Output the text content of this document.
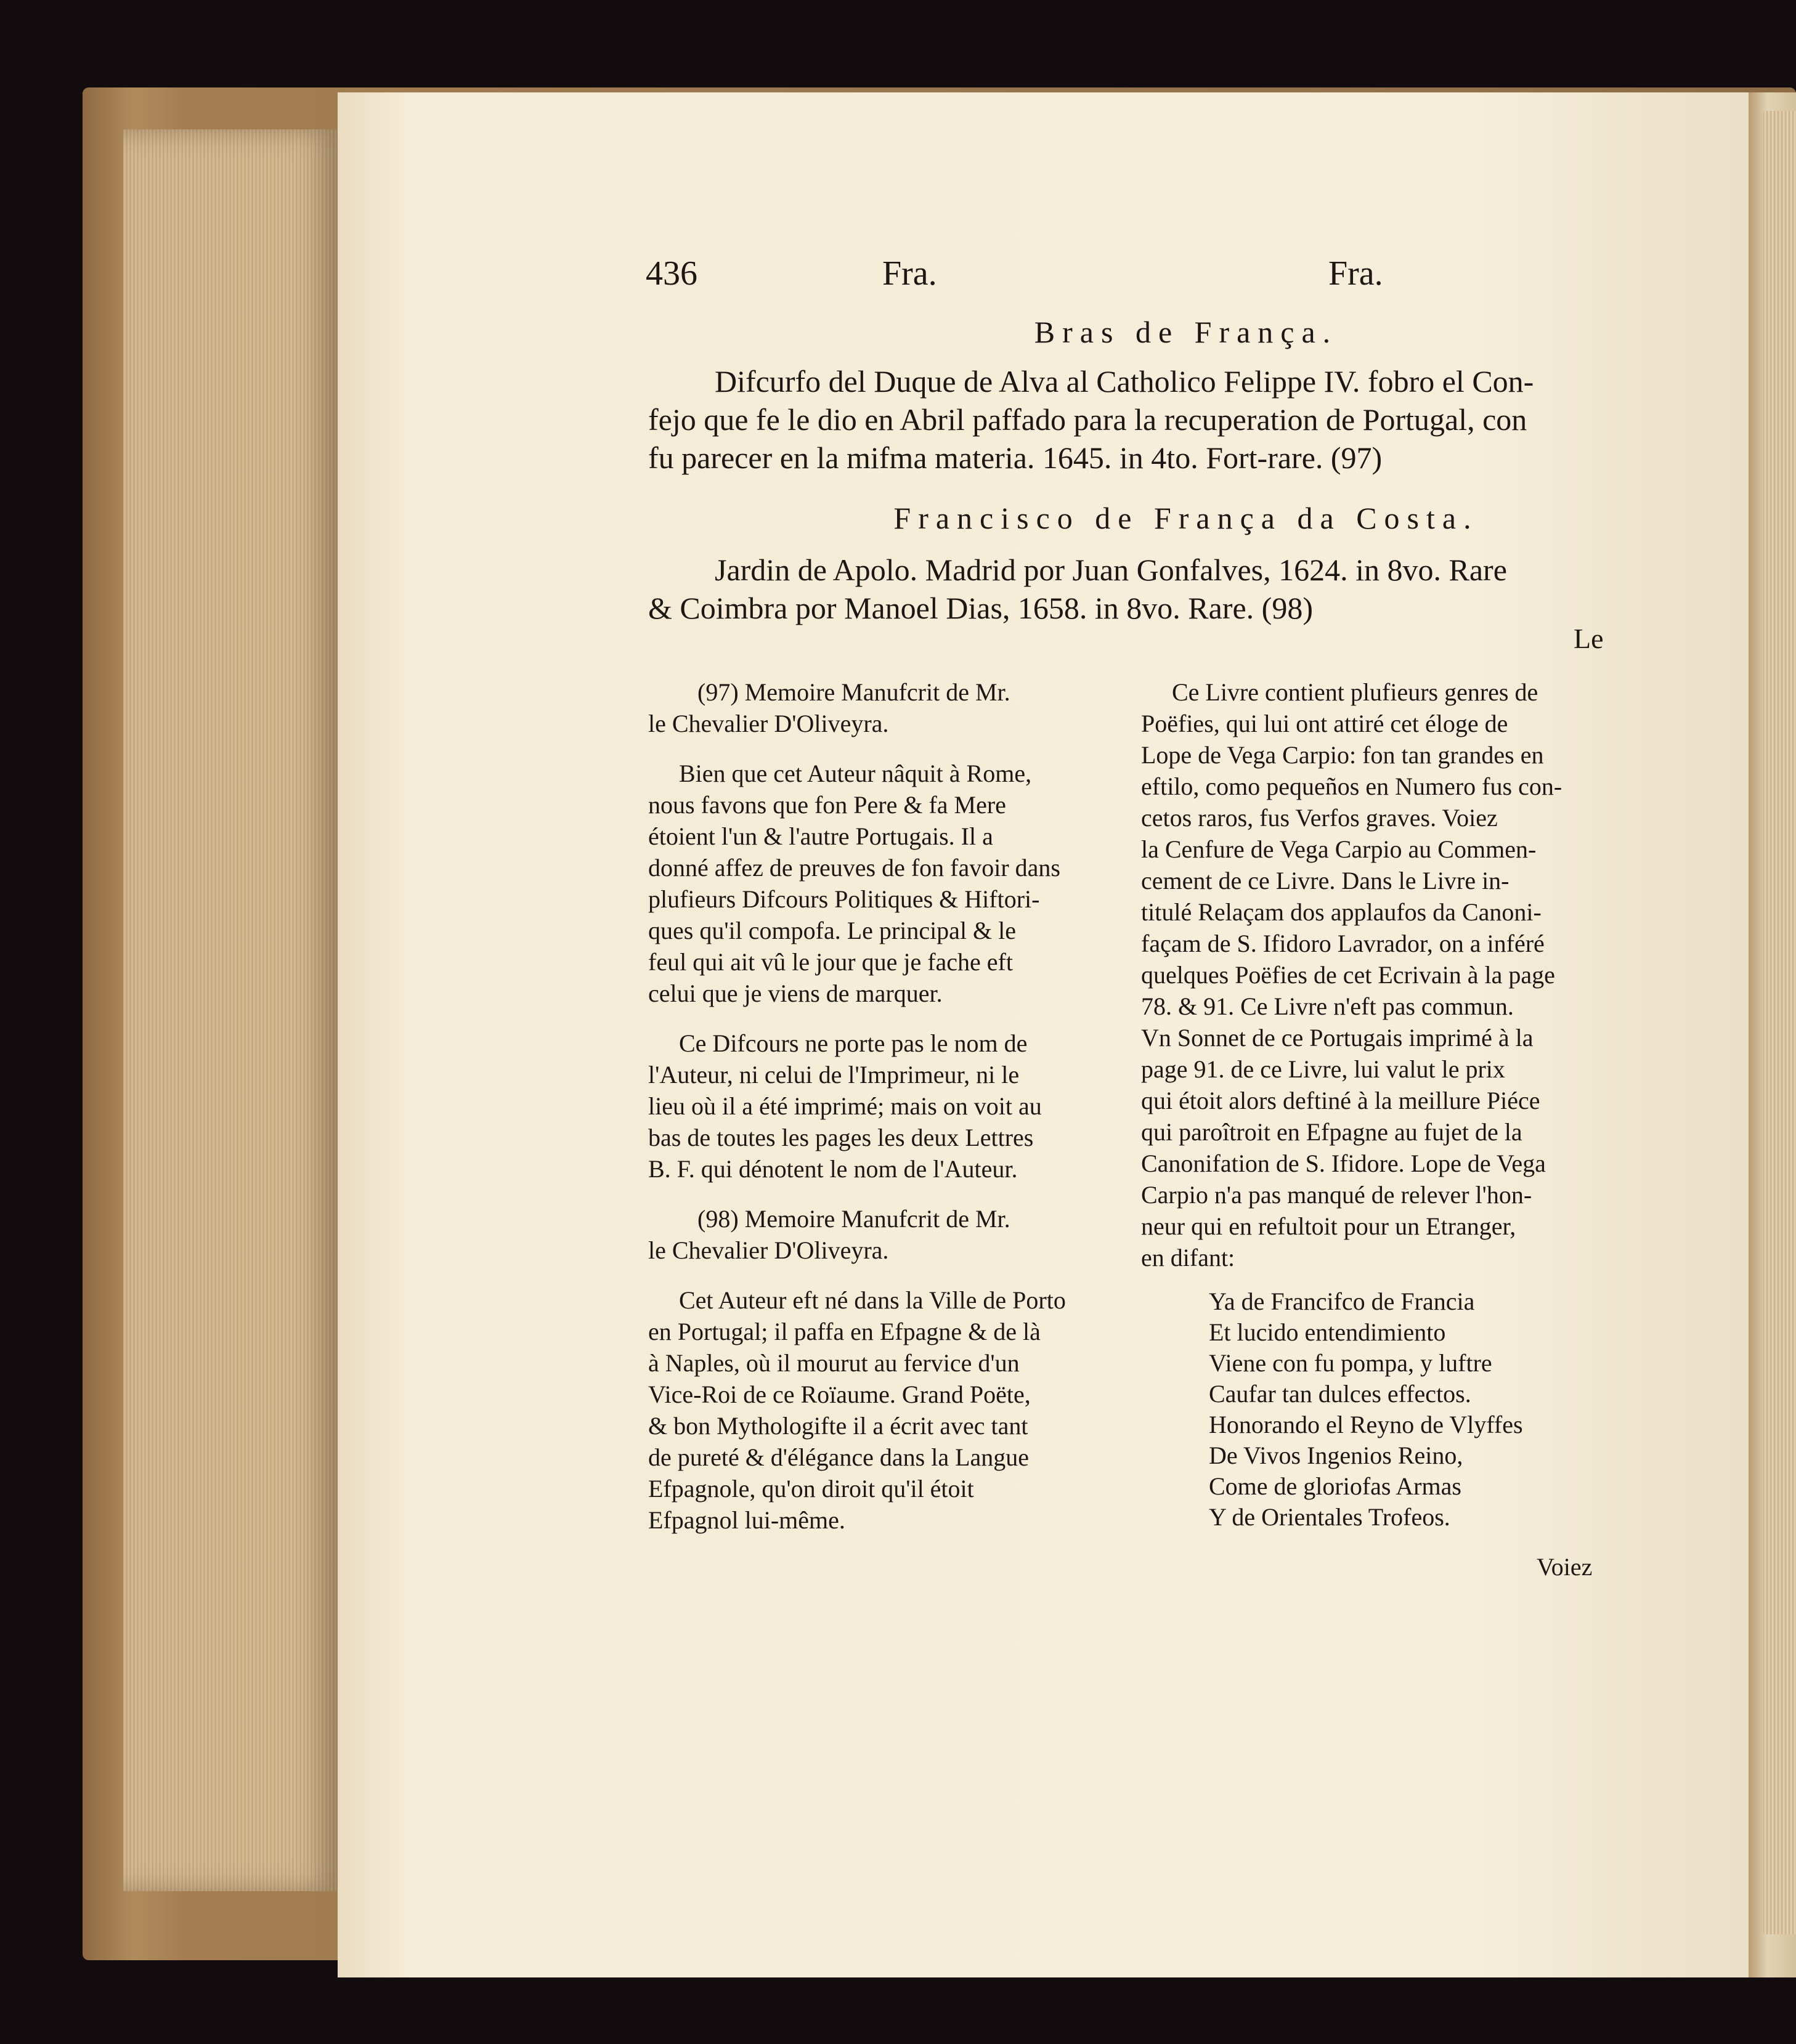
436	Fra.	Fra.
Bras de França.
Difcurfo del Duque de Alva al Catholico Felippe IV. fobro el Con-
fejo que fe le dio en Abril paffado para la recuperation de Portugal, con
fu parecer en la mifma materia. 1645. in 4to. Fort-rare. (97)
Francisco de França da Costa.
Jardin de Apolo. Madrid por Juan Gonfalves, 1624. in 8vo. Rare
& Coimbra por Manoel Dias, 1658. in 8vo. Rare. (98)
Le

(97) Memoire Manufcrit de Mr.

le Chevalier D'Oliveyra.

Bien que cet Auteur nâquit à Rome,

nous favons que fon Pere & fa Mere

étoient l'un & l'autre Portugais. Il a

donné affez de preuves de fon favoir dans

plufieurs Difcours Politiques & Hiftori-

ques qu'il compofa. Le principal & le

feul qui ait vû le jour que je fache eft

celui que je viens de marquer.

Ce Difcours ne porte pas le nom de

l'Auteur, ni celui de l'Imprimeur, ni le

lieu où il a été imprimé; mais on voit au

bas de toutes les pages les deux Lettres

B. F. qui dénotent le nom de l'Auteur.

(98) Memoire Manufcrit de Mr.

le Chevalier D'Oliveyra.

Cet Auteur eft né dans la Ville de Porto

en Portugal; il paffa en Efpagne & de là

à Naples, où il mourut au fervice d'un

Vice-Roi de ce Roïaume. Grand Poëte,

& bon Mythologifte il a écrit avec tant

de pureté & d'élégance dans la Langue

Efpagnole, qu'on diroit qu'il étoit

Efpagnol lui-même.

Ce Livre contient plufieurs genres de

Poëfies, qui lui ont attiré cet éloge de

Lope de Vega Carpio: fon tan grandes en

eftilo, como pequeños en Numero fus con-

cetos raros, fus Verfos graves. Voiez

la Cenfure de Vega Carpio au Commen-

cement de ce Livre. Dans le Livre in-

titulé Relaçam dos applaufos da Canoni-

façam de S. Ifidoro Lavrador, on a inféré

quelques Poëfies de cet Ecrivain à la page

78. & 91. Ce Livre n'eft pas commun.

Vn Sonnet de ce Portugais imprimé à la

page 91. de ce Livre, lui valut le prix

qui étoit alors deftiné à la meillure Piéce

qui paroîtroit en Efpagne au fujet de la

Canonifation de S. Ifidore. Lope de Vega

Carpio n'a pas manqué de relever l'hon-

neur qui en refultoit pour un Etranger,

en difant:

Ya de Francifco de Francia
Et lucido entendimiento
Viene con fu pompa, y luftre
Caufar tan dulces effectos.
Honorando el Reyno de Vlyffes
De Vivos Ingenios Reino,
Come de gloriofas Armas
Y de Orientales Trofeos.
Voiez
